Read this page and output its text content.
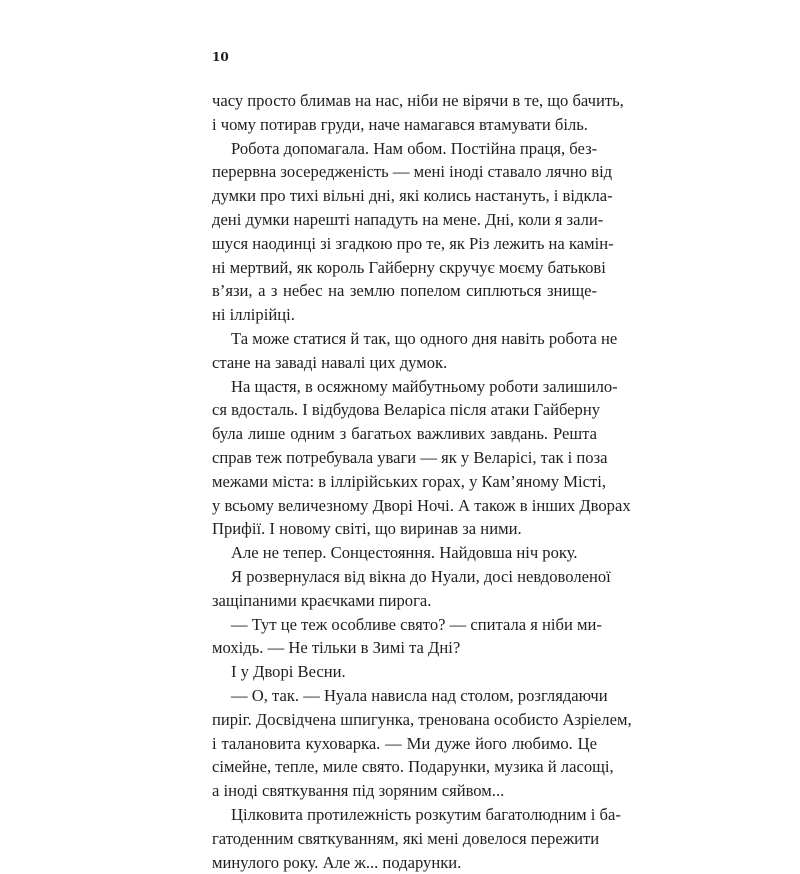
10
часу просто блимав на нас, ніби не вірячи в те, що бачить,
і чому потирав груди, наче намагався втамувати біль.
Робота допомагала. Нам обом. Постійна праця, без-
перервна зосередженість — мені іноді ставало лячно від
думки про тихі вільні дні, які колись настануть, і відкла-
дені думки нарешті нападуть на мене. Дні, коли я зали-
шуся наодинці зі згадкою про те, як Різ лежить на камін-
ні мертвий, як король Гайберну скручує моєму батькові
в’язи, а з небес на землю попелом сиплються знище-
ні іллірійці.
Та може статися й так, що одного дня навіть робота не
стане на заваді навалі цих думок.
На щастя, в осяжному майбутньому роботи залишило-
ся вдосталь. І відбудова Веларіса після атаки Гайберну
була лише одним з багатьох важливих завдань. Решта
справ теж потребувала уваги — як у Веларісі, так і поза
межами міста: в іллірійських горах, у Кам’яному Місті,
у всьому величезному Дворі Ночі. А також в інших Дворах
Прифії. І новому світі, що виринав за ними.
Але не тепер. Сонцестояння. Найдовша ніч року.
Я розвернулася від вікна до Нуали, досі невдоволеної
защіпаними краєчками пирога.
— Тут це теж особливе свято? — спитала я ніби ми-
мохідь. — Не тільки в Зимі та Дні?
І у Дворі Весни.
— О, так. — Нуала нависла над столом, розглядаючи
пиріг. Досвідчена шпигунка, тренована особисто Азріелем,
і талановита куховарка. — Ми дуже його любимо. Це
сімейне, тепле, миле свято. Подарунки, музика й ласощі,
а іноді святкування під зоряним сяйвом...
Цілковита протилежність розкутим багатолюдним і ба-
гатоденним святкуванням, які мені довелося пережити
минулого року. Але ж... подарунки.
